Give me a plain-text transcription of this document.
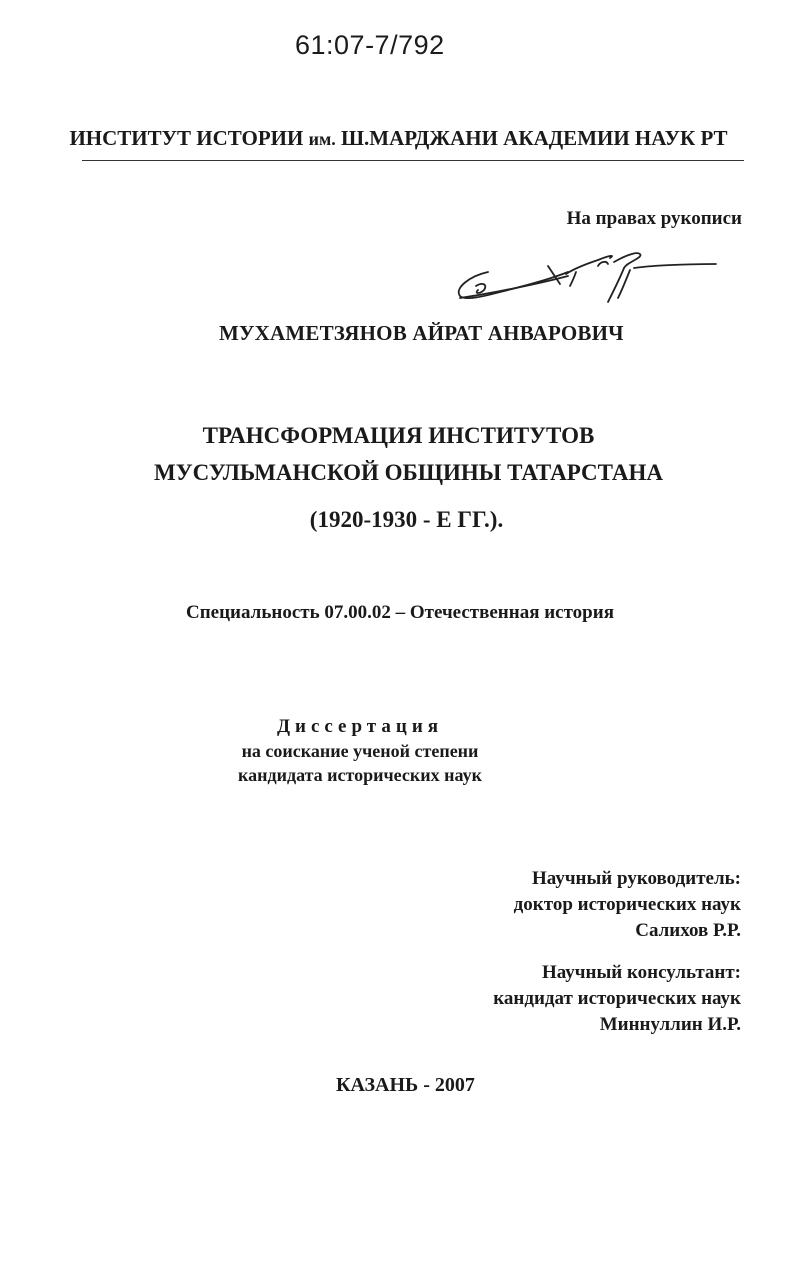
61:07-7/792
ИНСТИТУТ ИСТОРИИ им. Ш.МАРДЖАНИ АКАДЕМИИ НАУК РТ
На правах рукописи
МУХАМЕТЗЯНОВ АЙРАТ АНВАРОВИЧ
ТРАНСФОРМАЦИЯ ИНСТИТУТОВ
МУСУЛЬМАНСКОЙ ОБЩИНЫ ТАТАРСТАНА
(1920-1930 - Е ГГ.).
Специальность 07.00.02 – Отечественная история
Диссертация
на соискание ученой степени
кандидата исторических наук
Научный руководитель:
доктор исторических наук
Салихов Р.Р.
Научный консультант:
кандидат исторических наук
Миннуллин И.Р.
КАЗАНЬ - 2007
